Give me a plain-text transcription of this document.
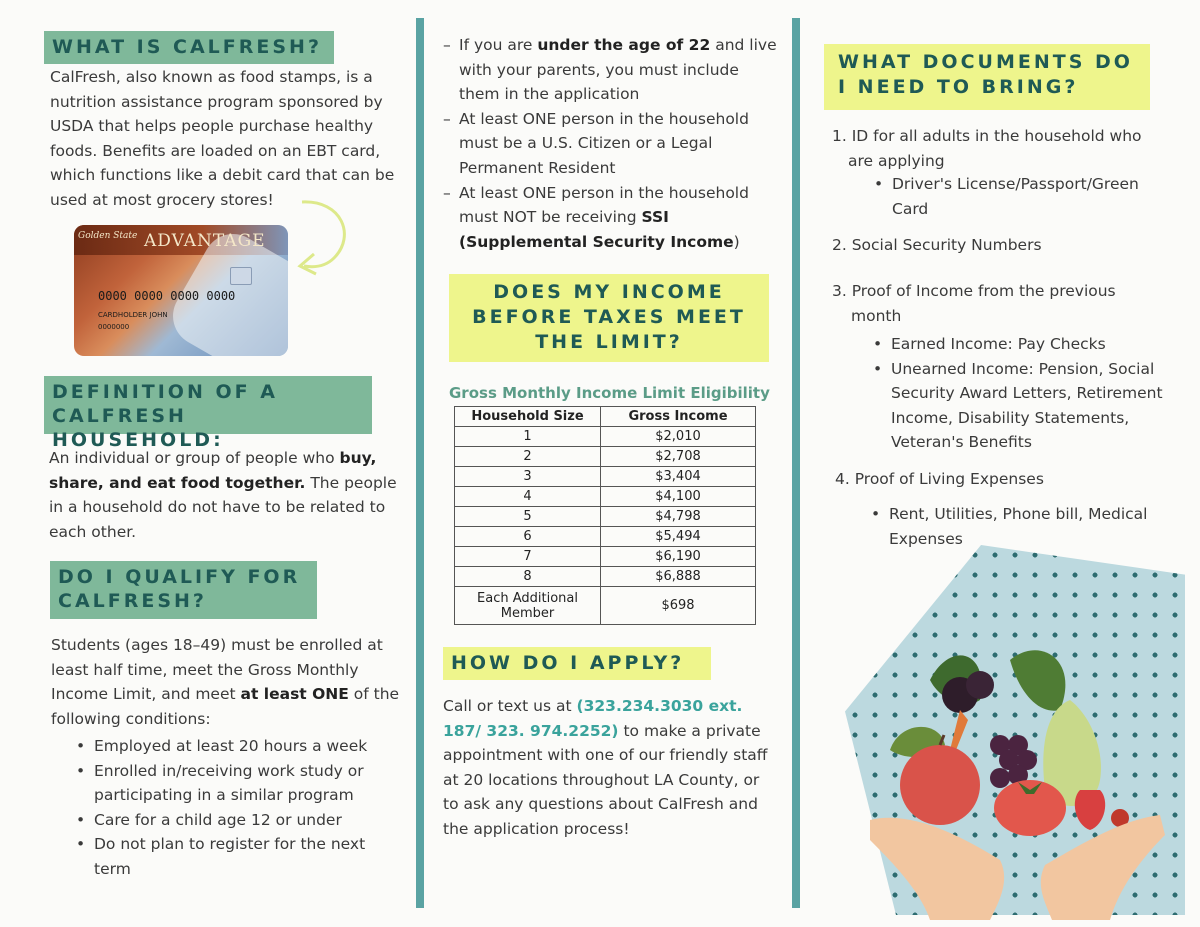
WHAT IS CALFRESH?
CalFresh, also known as food stamps, is a nutrition assistance program sponsored by USDA that helps people purchase healthy foods. Benefits are loaded on an EBT card, which functions like a debit card that can be used at most grocery stores!
Golden State ADVANTAGE
0000 0000 0000 0000
CARDHOLDER JOHN
0000000
DEFINITION OF A
CALFRESH HOUSEHOLD:
An individual or group of people who buy, share, and eat food together. The people in a household do not have to be related to each other.
DO I QUALIFY FOR
CALFRESH?
Students (ages 18–49) must be enrolled at least half time, meet the Gross Monthly Income Limit, and meet at least ONE of the following conditions:
• Employed at least 20 hours a week
• Enrolled in/receiving work study or participating in a similar program
• Care for a child age 12 or under
• Do not plan to register for the next term
– If you are under the age of 22 and live with your parents, you must include them in the application
– At least ONE person in the household must be a U.S. Citizen or a Legal Permanent Resident
– At least ONE person in the household must NOT be receiving SSI (Supplemental Security Income)
DOES MY INCOME
BEFORE TAXES MEET
THE LIMIT?
Gross Monthly Income Limit Eligibility
Household Size	Gross Income
1	$2,010
2	$2,708
3	$3,404
4	$4,100
5	$4,798
6	$5,494
7	$6,190
8	$6,888
Each Additional Member	$698
HOW DO I APPLY?
Call or text us at (323.234.3030 ext. 187/ 323. 974.2252) to make a private appointment with one of our friendly staff at 20 locations throughout LA County, or to ask any questions about CalFresh and the application process!
WHAT DOCUMENTS DO
I NEED TO BRING?
1. ID for all adults in the household who are applying
• Driver's License/Passport/Green Card
2. Social Security Numbers
3. Proof of Income from the previous month
• Earned Income: Pay Checks
• Unearned Income: Pension, Social Security Award Letters, Retirement Income, Disability Statements, Veteran's Benefits
4. Proof of Living Expenses
• Rent, Utilities, Phone bill, Medical Expenses
